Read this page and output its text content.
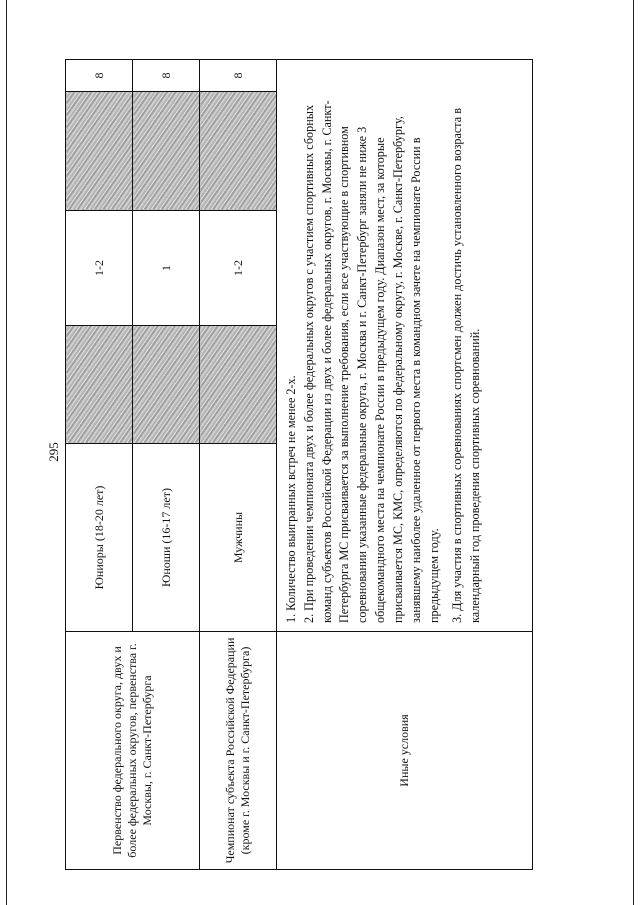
295
Первенство федерального округа, двух и более федеральных округов, первенства г. Москвы, г. Санкт-Петербурга	Юниоры (18-20 лет)		1-2		8
	Юноши (16-17 лет)		1		8
Чемпионат субъекта Российской Федерации (кроме г. Москвы и г. Санкт-Петербурга)	Мужчины		1-2		8
Иные условия	1. Количество выигранных встреч не менее 2-х. 2. При проведении чемпионата двух и более федеральных округов с участием спортивных сборных команд субъектов Российской Федерации из двух и более федеральных округов, г. Москвы, г. Санкт-Петербурга МС присваивается за выполнение требования, если все участвующие в спортивном соревновании указанные федеральные округа, г. Москва и г. Санкт-Петербург заняли не ниже 3 общекомандного места на чемпионате России в предыдущем году. Диапазон мест, за которые присваивается МС, КМС, определяются по федеральному округу, г. Москве, г. Санкт-Петербургу, занявшему наиболее удаленное от первого места в командном зачете на чемпионате России в предыдущем году. 3. Для участия в спортивных соревнованиях спортсмен должен достичь установленного возраста в календарный год проведения спортивных соревнований.				
